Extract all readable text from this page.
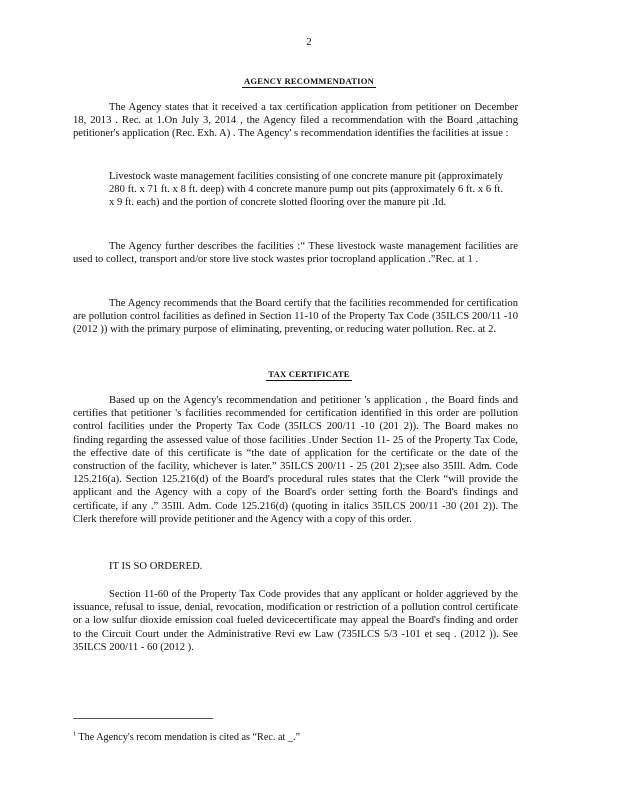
2
AGENCY RECOMMENDATION

The Agency states that it received a tax certification application from petitioner on December 18, 2013 . Rec. at 1.On July 3, 2014 , the Agency filed a recommendation with the Board ,attaching petitioner's application (Rec. Exh. A) . The Agency' s recommendation identifies the facilities at issue :

Livestock waste management facilities consisting of one concrete manure pit (approximately 280 ft. x 71 ft. x 8 ft. deep) with 4 concrete manure pump out pits (approximately 6 ft. x 6 ft. x 9 ft. each) and the portion of concrete slotted flooring over the manure pit .Id.

The Agency further describes the facilities :“ These livestock waste management facilities are used to collect, transport and/or store live stock wastes prior tocropland application .”Rec. at 1 .

The Agency recommends that the Board certify that the facilities recommended for certification are pollution control facilities as defined in Section 11-10 of the Property Tax Code (35ILCS 200/11 -10 (2012 )) with the primary purpose of eliminating, preventing, or reducing water pollution. Rec. at 2.

TAX CERTIFICATE

Based up on the Agency's recommendation and petitioner 's application , the Board finds and certifies that petitioner 's facilities recommended for certification identified in this order are pollution control facilities under the Property Tax Code (35ILCS 200/11 -10 (201 2)). The Board makes no finding regarding the assessed value of those facilities .Under Section 11- 25 of the Property Tax Code, the effective date of this certificate is “the date of application for the certificate or the date of the construction of the facility, whichever is later.” 35ILCS 200/11 - 25 (201 2);see also 35Ill. Adm. Code 125.216(a). Section 125.216(d) of the Board's procedural rules states that the Clerk “will provide the applicant and the Agency with a copy of the Board's order setting forth the Board's findings and certificate, if any .” 35Ill. Adm. Code 125.216(d) (quoting in italics 35ILCS 200/11 -30 (201 2)). The Clerk therefore will provide petitioner and the Agency with a copy of this order.

IT IS SO ORDERED.

Section 11-60 of the Property Tax Code provides that any applicant or holder aggrieved by the issuance, refusal to issue, denial, revocation, modification or restriction of a pollution control certificate or a low sulfur dioxide emission coal fueled devicecertificate may appeal the Board's finding and order to the Circuit Court under the Administrative Revi ew Law (735ILCS 5/3 -101 et seq . (2012 )). See 35ILCS 200/11 - 60 (2012 ).

$^1$ The Agency's recom mendation is cited as “Rec. at _.”
